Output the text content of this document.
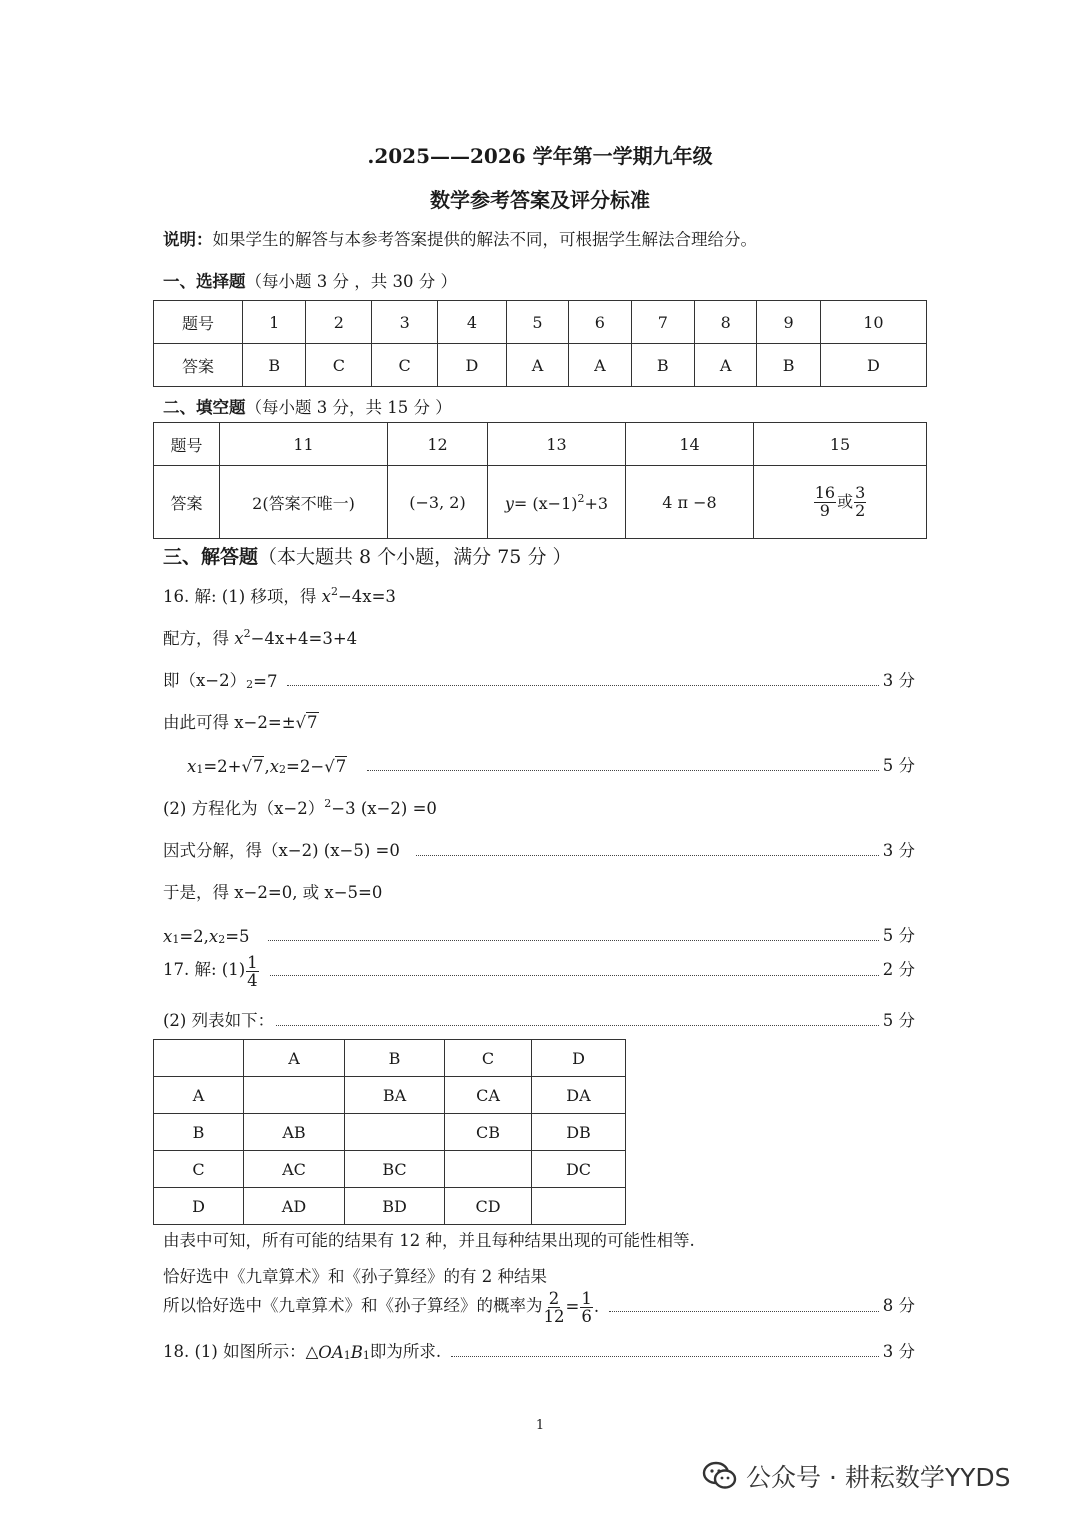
.2025——2026 学年第一学期九年级
数学参考答案及评分标准
说明：如果学生的解答与本参考答案提供的解法不同，可根据学生解法合理给分。
一、选择题（每小题 3 分 ，共 30 分 ）
题号	1	2	3	4	5	6	7	8	9	10
答案	B	C	C	D	A	A	B	A	B	D
二、填空题（每小题 3 分，共 15 分 ）
题号	11	12	13	14	15
答案	2(答案不唯一)	(−3, 2)	$y= (x-1)^2+3$	4 π −8	$\frac{16}{9}$ 或 $\frac{3}{2}$
三、解答题（本大题共 8 个小题，满分 75 分 ）
16. 解: (1) 移项，得 $x^2-4x=3$
配方，得 $x^2-4x+4=3+4$
即（x−2） 2 =7	3 分
由此可得 x−2=±√7
x 1 =2+ √ 7 , x 2 =2− √ 7	5 分
(2) 方程化为$(x-2)^2-3$ (x−2) =0
因式分解，得（x−2) (x−5) =0	3 分
于是，得 x−2=0, 或 x−5=0
x 1 =2, x 2 =5	5 分
17. 解: $(1) \frac{1}{4}$	2 分
(2) 列表如下：	5 分
	A	B	C	D
A		BA	CA	DA
B	AB		CB	DB
C	AC	BC		DC
D	AD	BD	CD	
由表中可知，所有可能的结果有 12 种，并且每种结果出现的可能性相等.
恰好选中《九章算术》和《孙子算经》的有 2 种结果
所以恰好选中《九章算术》和《孙子算经》的概率为 $\frac{2}{12} = \frac{1}{6}$ .	8 分
18. (1) 如图所示：△ OA 1 B 1 即为所求.	3 分
1
公众号 · 耕耘数学YYDS
